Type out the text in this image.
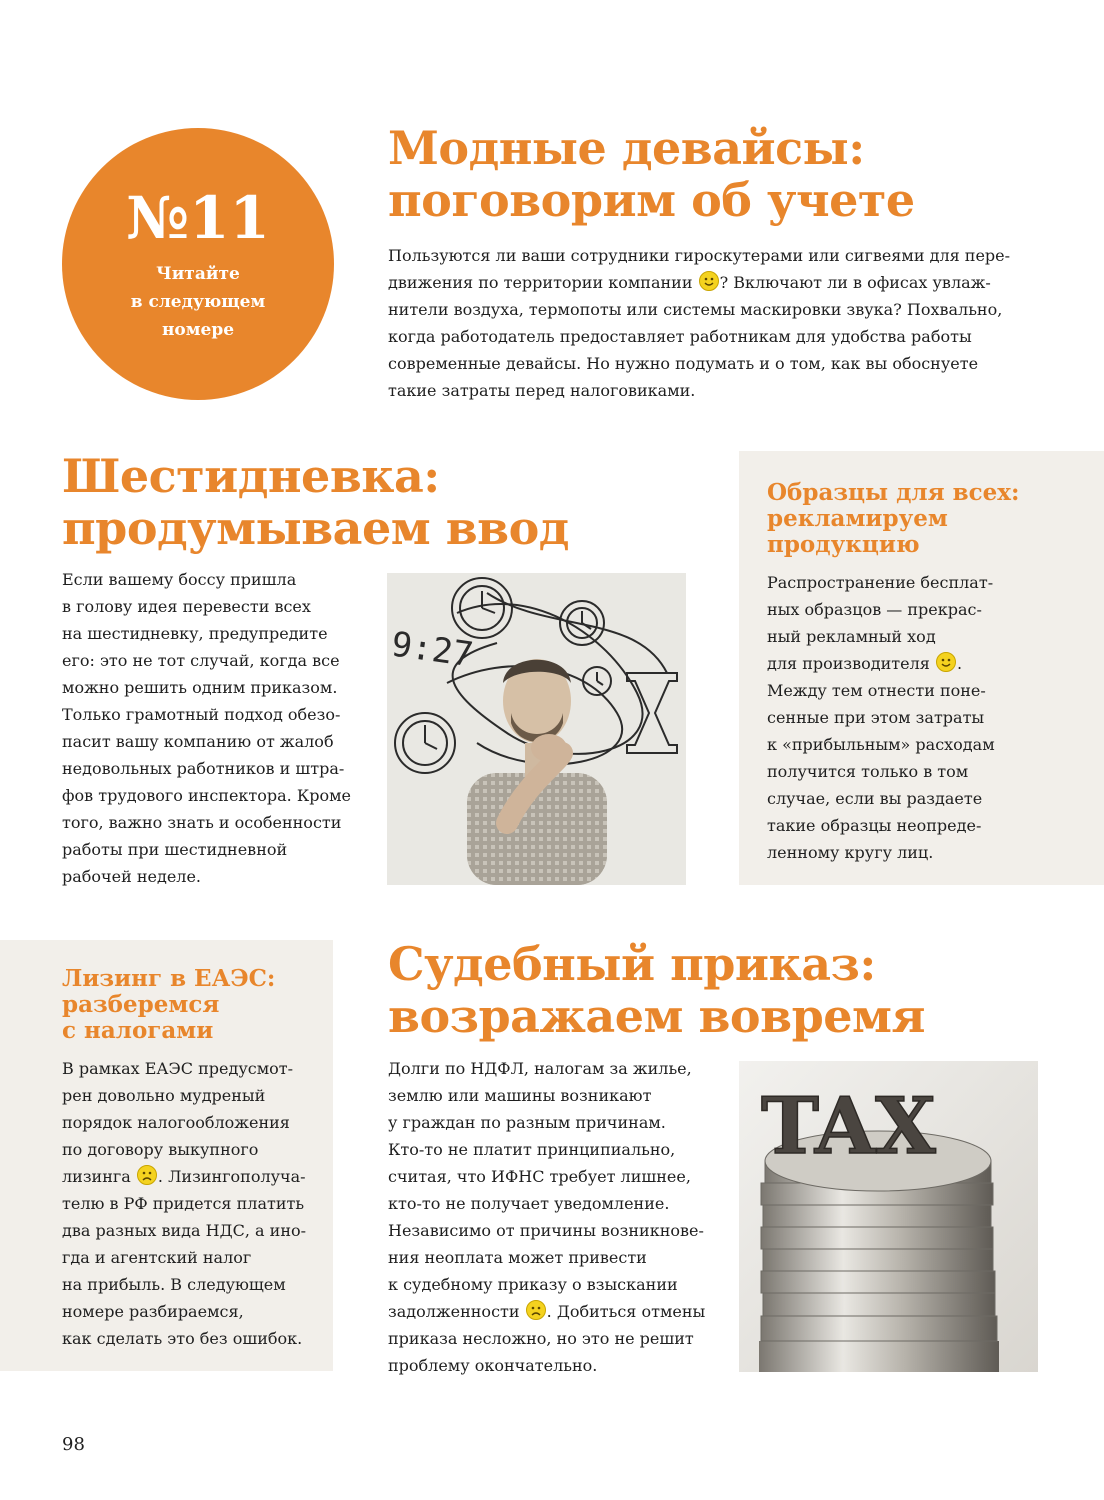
№11
Читайте
в следующем
номере
Модные девайсы:
поговорим об учете
Пользуются ли ваши сотрудники гироскутерами или сигвеями для пере-
движения по территории компании ? Включают ли в офисах увлаж-
нители воздуха, термопоты или системы маскировки звука? Похвально,
когда работодатель предоставляет работникам для удобства работы
современные девайсы. Но нужно подумать и о том, как вы обоснуете
такие затраты перед налоговиками.
Шестидневка:
продумываем ввод
Если вашему боссу пришла
в голову идея перевести всех
на шестидневку, предупредите
его: это не тот случай, когда все
можно решить одним приказом.
Только грамотный подход обезо-
пасит вашу компанию от жалоб
недовольных работников и штра-
фов трудового инспектора. Кроме
того, важно знать и особенности
работы при шестидневной
рабочей неделе.
9:27
Образцы для всех:
рекламируем
продукцию
Распространение бесплат-
ных образцов — прекрас-
ный рекламный ход
для производителя .
Между тем отнести поне-
сенные при этом затраты
к «прибыльным» расходам
получится только в том
случае, если вы раздаете
такие образцы неопреде-
ленному кругу лиц.
Лизинг в ЕАЭС:
разберемся
с налогами
В рамках ЕАЭС предусмот-
рен довольно мудреный
порядок налогообложения
по договору выкупного
лизинга . Лизингополуча-
телю в РФ придется платить
два разных вида НДС, а ино-
гда и агентский налог
на прибыль. В следующем
номере разбираемся,
как сделать это без ошибок.
Судебный приказ:
возражаем вовремя
Долги по НДФЛ, налогам за жилье,
землю или машины возникают
у граждан по разным причинам.
Кто-то не платит принципиально,
считая, что ИФНС требует лишнее,
кто-то не получает уведомление.
Независимо от причины возникнове-
ния неоплата может привести
к судебному приказу о взыскании
задолженности . Добиться отмены
приказа несложно, но это не решит
проблему окончательно.
TAX
98
